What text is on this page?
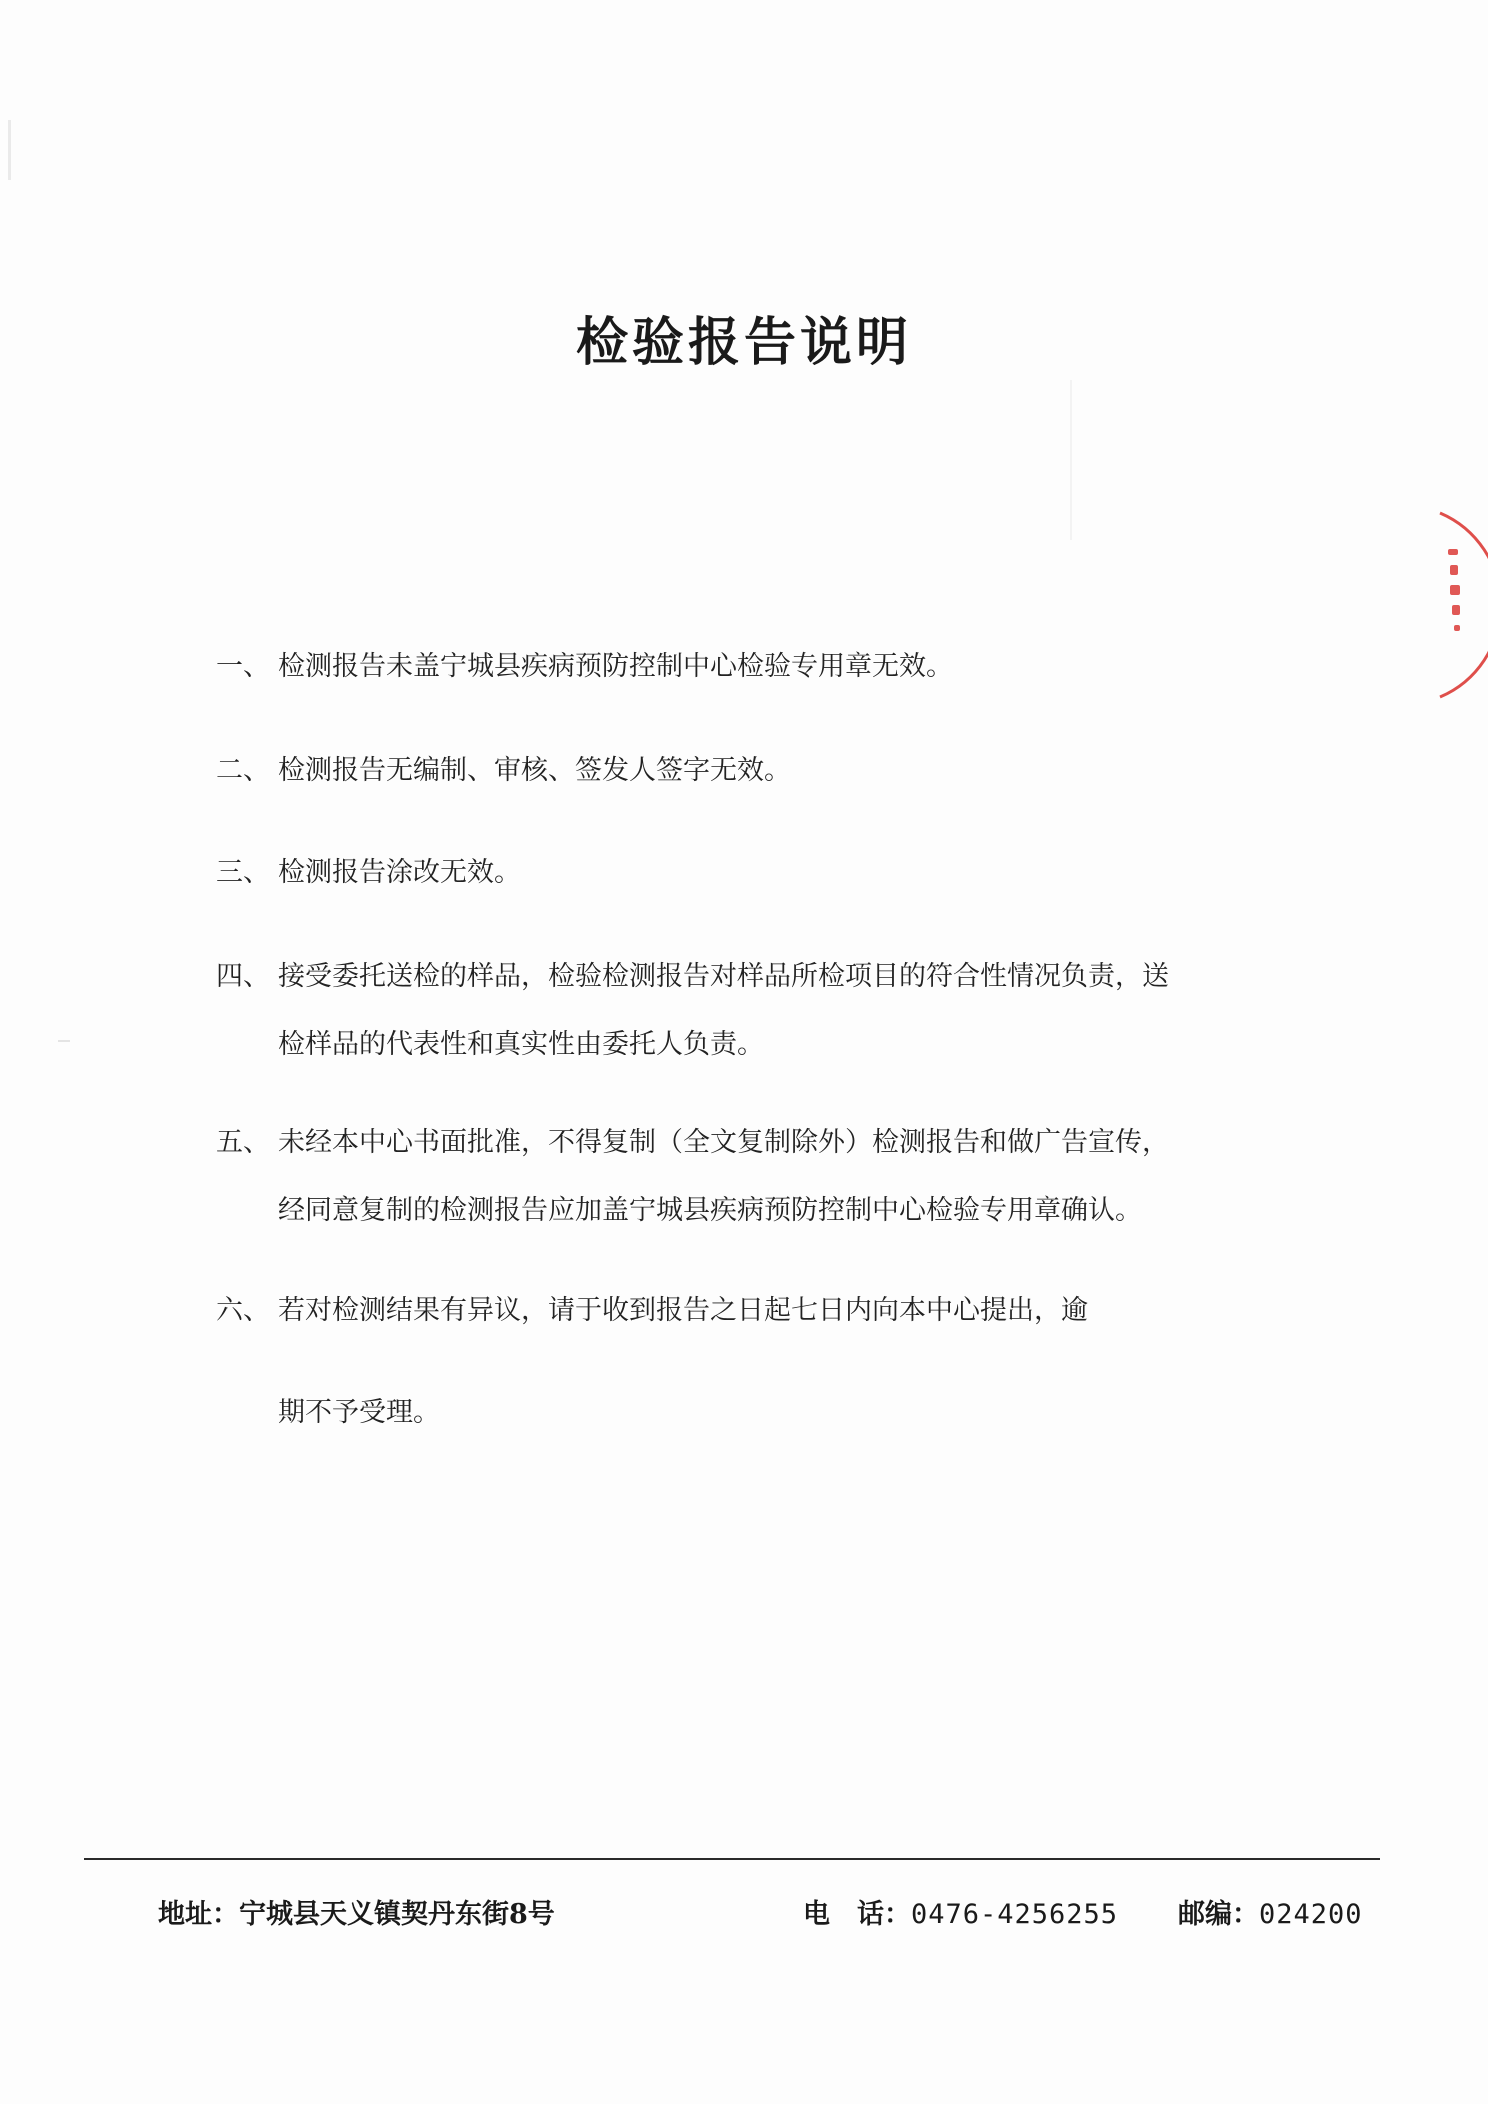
检验报告说明
一、 检测报告未盖宁城县疾病预防控制中心检验专用章无效。
二、 检测报告无编制、审核、签发人签字无效。
三、 检测报告涂改无效。
四、 接受委托送检的样品，检验检测报告对样品所检项目的符合性情况负责，送
检样品的代表性和真实性由委托人负责。
五、 未经本中心书面批准，不得复制（全文复制除外）检测报告和做广告宣传，
经同意复制的检测报告应加盖宁城县疾病预防控制中心检验专用章确认。
六、 若对检测结果有异议，请于收到报告之日起七日内向本中心提出，逾
期不予受理。
地址：宁城县天义镇契丹东街8号	电　话：0476-4256255 邮编：024200
